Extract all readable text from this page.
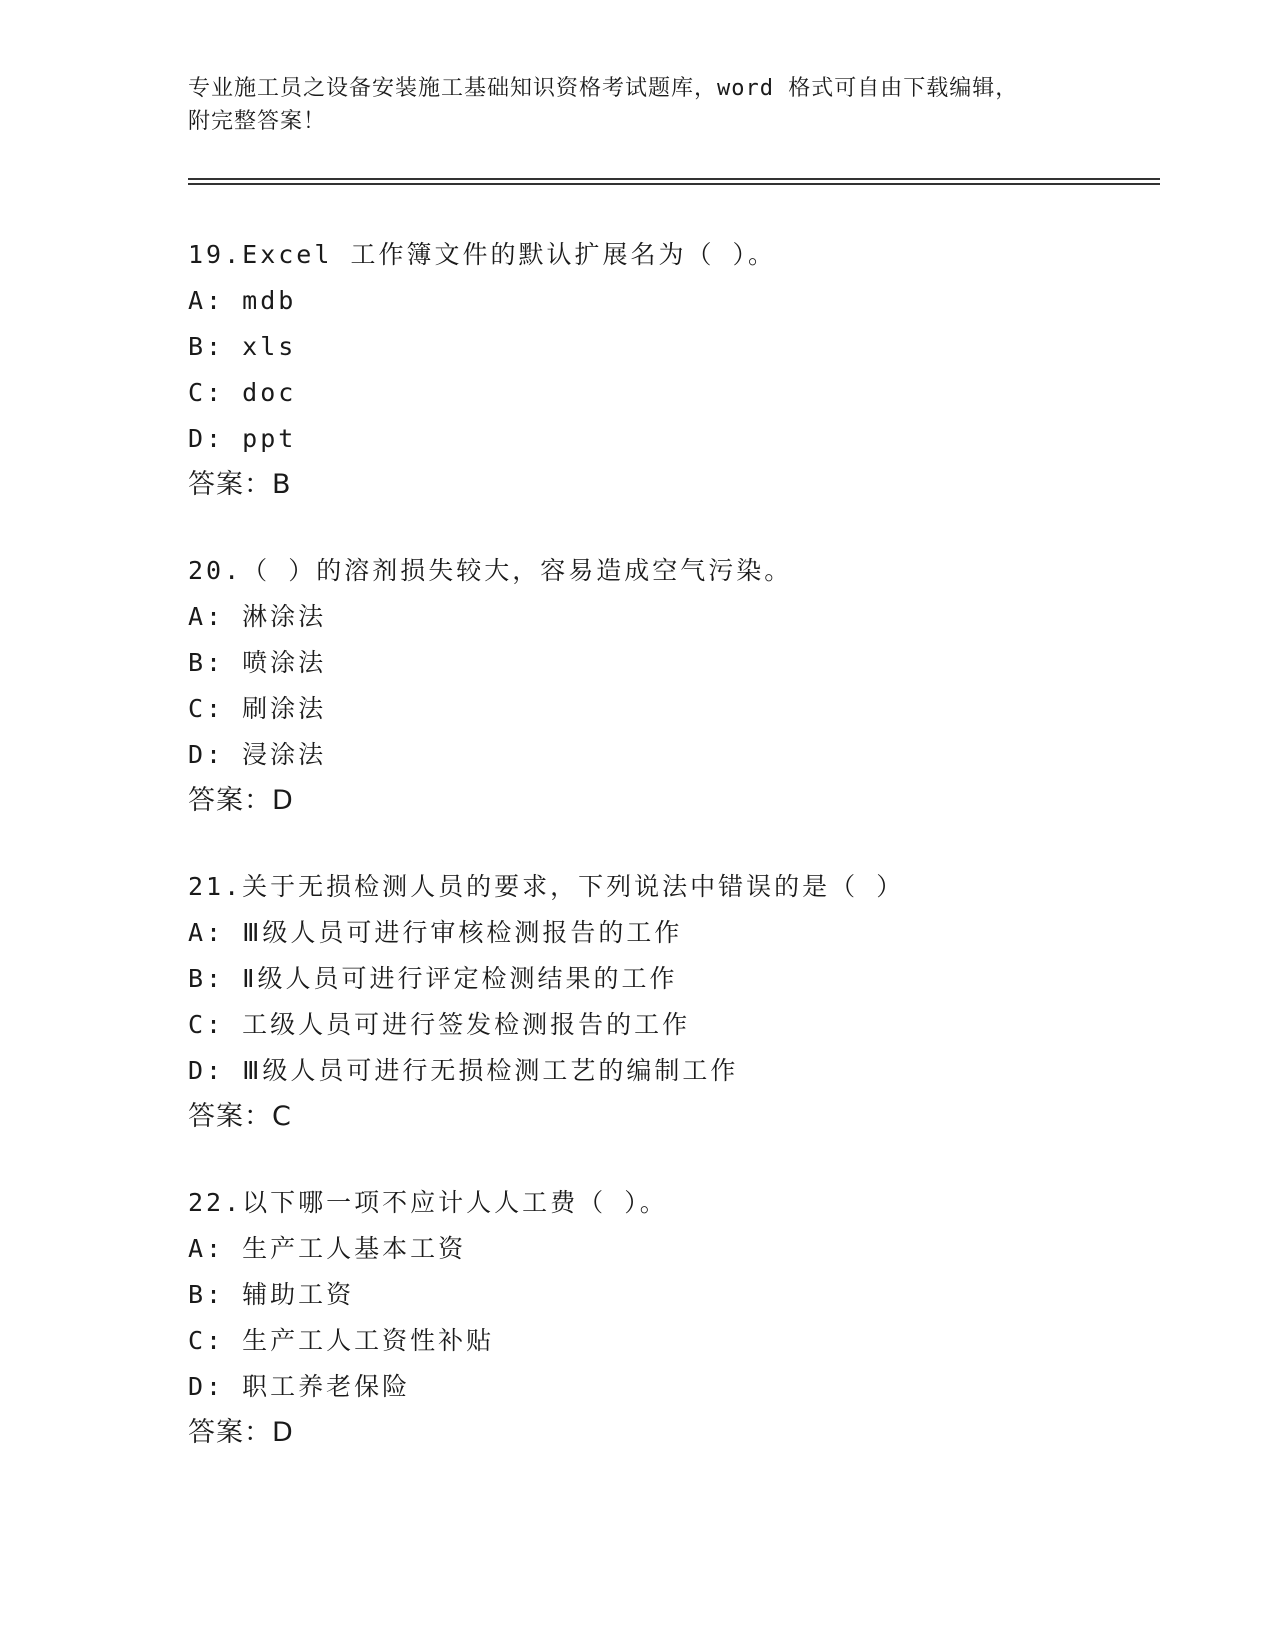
专业施工员之设备安装施工基础知识资格考试题库，word 格式可自由下载编辑，
附完整答案！
19.Excel 工作簿文件的默认扩展名为（ ）。
A: mdb
B: xls
C: doc
D: ppt
答案：B
20.（ ）的溶剂损失较大，容易造成空气污染。
A: 淋涂法
B: 喷涂法
C: 刷涂法
D: 浸涂法
答案：D
21.关于无损检测人员的要求，下列说法中错误的是（ ）
A: Ⅲ级人员可进行审核检测报告的工作
B: Ⅱ级人员可进行评定检测结果的工作
C: 工级人员可进行签发检测报告的工作
D: Ⅲ级人员可进行无损检测工艺的编制工作
答案：C
22.以下哪一项不应计人人工费（ ）。
A: 生产工人基本工资
B: 辅助工资
C: 生产工人工资性补贴
D: 职工养老保险
答案：D
